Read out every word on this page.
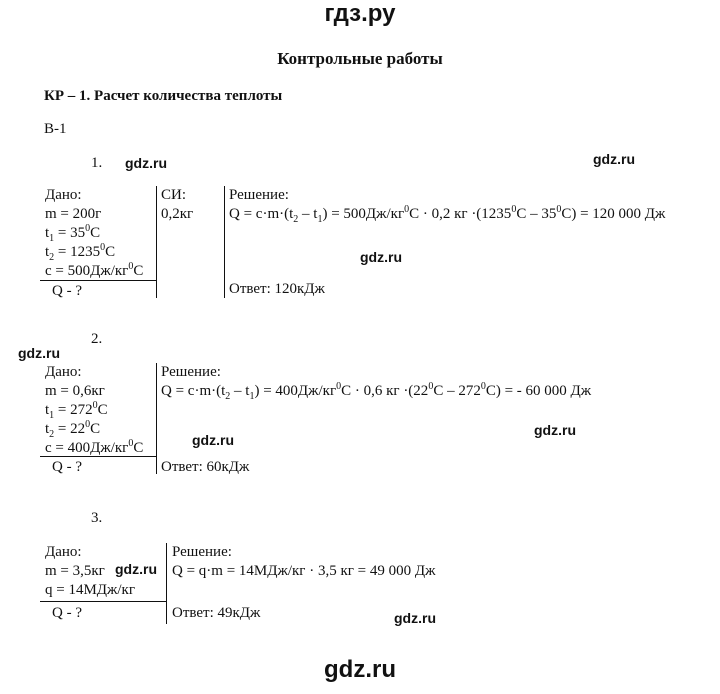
гдз.ру
Контрольные работы
КР – 1. Расчет количества теплоты
В-1
1. gdz.ru	gdz.ru
Дано:
m = 200г
$t_1 = 35^0C$
$t_2 = 1235^0C$
$c = 500Дж/кг^0C$
Q - ?
СИ:
0,2кг
Решение:
$Q = c\cdot m\cdot(t_2 - t_1) = 500Дж/кг^0С \cdot 0,2$ кг $\cdot(1235^0С - 35^0С) = 120$ 000 Дж
gdz.ru
Ответ: 120кДж
2.
gdz.ru
Дано:
m = 0,6кг
$t_1 = 272^0C$
$t_2 = 22^0C$
$c = 400Дж/кг^0C$
Q - ?
Решение:
$Q = c\cdot m\cdot(t_2 - t_1) = 400Дж/кг^0С \cdot 0,6$ кг $\cdot(22^0С - 272^0С)$ = - 60 000 Дж
gdz.ru
gdz.ru
Ответ: 60кДж
3.
Дано:
m = 3,5кг
q = 14МДж/кг
gdz.ru
Q - ?
Решение:
Q = q·m = 14МДж/кг · 3,5 кг = 49 000 Дж
Ответ: 49кДж	gdz.ru
gdz.ru
